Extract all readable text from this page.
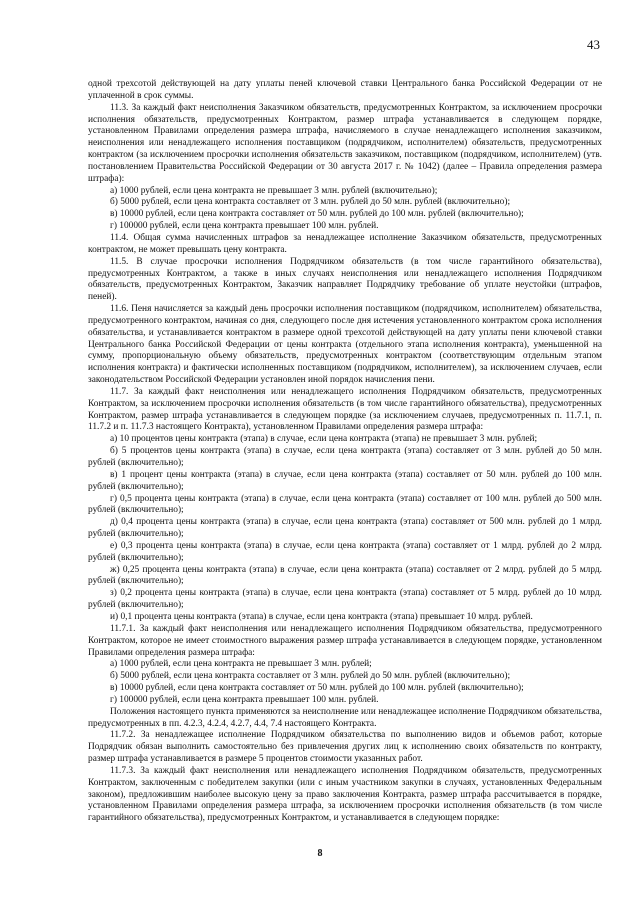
43

одной трехсотой действующей на дату уплаты пеней ключевой ставки Центрального банка Российской Федерации от не уплаченной в срок суммы.

11.3. За каждый факт неисполнения Заказчиком обязательств, предусмотренных Контрактом, за исключением просрочки исполнения обязательств, предусмотренных Контрактом, размер штрафа устанавливается в следующем порядке, установленном Правилами определения размера штрафа, начисляемого в случае ненадлежащего исполнения заказчиком, неисполнения или ненадлежащего исполнения поставщиком (подрядчиком, исполнителем) обязательств, предусмотренных контрактом (за исключением просрочки исполнения обязательств заказчиком, поставщиком (подрядчиком, исполнителем) (утв. постановлением Правительства Российской Федерации от 30 августа 2017 г. № 1042) (далее – Правила определения размера штрафа):

а) 1000 рублей, если цена контракта не превышает 3 млн. рублей (включительно);

б) 5000 рублей, если цена контракта составляет от 3 млн. рублей до 50 млн. рублей (включительно);

в) 10000 рублей, если цена контракта составляет от 50 млн. рублей до 100 млн. рублей (включительно);

г) 100000 рублей, если цена контракта превышает 100 млн. рублей.

11.4. Общая сумма начисленных штрафов за ненадлежащее исполнение Заказчиком обязательств, предусмотренных контрактом, не может превышать цену контракта.

11.5. В случае просрочки исполнения Подрядчиком обязательств (в том числе гарантийного обязательства), предусмотренных Контрактом, а также в иных случаях неисполнения или ненадлежащего исполнения Подрядчиком обязательств, предусмотренных Контрактом, Заказчик направляет Подрядчику требование об уплате неустойки (штрафов, пеней).

11.6. Пеня начисляется за каждый день просрочки исполнения поставщиком (подрядчиком, исполнителем) обязательства, предусмотренного контрактом, начиная со дня, следующего после дня истечения установленного контрактом срока исполнения обязательства, и устанавливается контрактом в размере одной трехсотой действующей на дату уплаты пени ключевой ставки Центрального банка Российской Федерации от цены контракта (отдельного этапа исполнения контракта), уменьшенной на сумму, пропорциональную объему обязательств, предусмотренных контрактом (соответствующим отдельным этапом исполнения контракта) и фактически исполненных поставщиком (подрядчиком, исполнителем), за исключением случаев, если законодательством Российской Федерации установлен иной порядок начисления пени.

11.7. За каждый факт неисполнения или ненадлежащего исполнения Подрядчиком обязательств, предусмотренных Контрактом, за исключением просрочки исполнения обязательств (в том числе гарантийного обязательства), предусмотренных Контрактом, размер штрафа устанавливается в следующем порядке (за исключением случаев, предусмотренных п. 11.7.1, п. 11.7.2 и п. 11.7.3 настоящего Контракта), установленном Правилами определения размера штрафа:

а) 10 процентов цены контракта (этапа) в случае, если цена контракта (этапа) не превышает 3 млн. рублей;

б) 5 процентов цены контракта (этапа) в случае, если цена контракта (этапа) составляет от 3 млн. рублей до 50 млн. рублей (включительно);

в) 1 процент цены контракта (этапа) в случае, если цена контракта (этапа) составляет от 50 млн. рублей до 100 млн. рублей (включительно);

г) 0,5 процента цены контракта (этапа) в случае, если цена контракта (этапа) составляет от 100 млн. рублей до 500 млн. рублей (включительно);

д) 0,4 процента цены контракта (этапа) в случае, если цена контракта (этапа) составляет от 500 млн. рублей до 1 млрд. рублей (включительно);

е) 0,3 процента цены контракта (этапа) в случае, если цена контракта (этапа) составляет от 1 млрд. рублей до 2 млрд. рублей (включительно);

ж) 0,25 процента цены контракта (этапа) в случае, если цена контракта (этапа) составляет от 2 млрд. рублей до 5 млрд. рублей (включительно);

з) 0,2 процента цены контракта (этапа) в случае, если цена контракта (этапа) составляет от 5 млрд. рублей до 10 млрд. рублей (включительно);

и) 0,1 процента цены контракта (этапа) в случае, если цена контракта (этапа) превышает 10 млрд. рублей.

11.7.1. За каждый факт неисполнения или ненадлежащего исполнения Подрядчиком обязательства, предусмотренного Контрактом, которое не имеет стоимостного выражения размер штрафа устанавливается в следующем порядке, установленном Правилами определения размера штрафа:

а) 1000 рублей, если цена контракта не превышает 3 млн. рублей;

б) 5000 рублей, если цена контракта составляет от 3 млн. рублей до 50 млн. рублей (включительно);

в) 10000 рублей, если цена контракта составляет от 50 млн. рублей до 100 млн. рублей (включительно);

г) 100000 рублей, если цена контракта превышает 100 млн. рублей.

Положения настоящего пункта применяются за неисполнение или ненадлежащее исполнение Подрядчиком обязательства, предусмотренных в пп. 4.2.3, 4.2.4, 4.2.7, 4.4, 7.4 настоящего Контракта.

11.7.2. За ненадлежащее исполнение Подрядчиком обязательства по выполнению видов и объемов работ, которые Подрядчик обязан выполнить самостоятельно без привлечения других лиц к исполнению своих обязательств по контракту, размер штрафа устанавливается в размере 5 процентов стоимости указанных работ.

11.7.3. За каждый факт неисполнения или ненадлежащего исполнения Подрядчиком обязательств, предусмотренных Контрактом, заключенным с победителем закупки (или с иным участником закупки в случаях, установленных Федеральным законом), предложившим наиболее высокую цену за право заключения Контракта, размер штрафа рассчитывается в порядке, установленном Правилами определения размера штрафа, за исключением просрочки исполнения обязательств (в том числе гарантийного обязательства), предусмотренных Контрактом, и устанавливается в следующем порядке:

8
